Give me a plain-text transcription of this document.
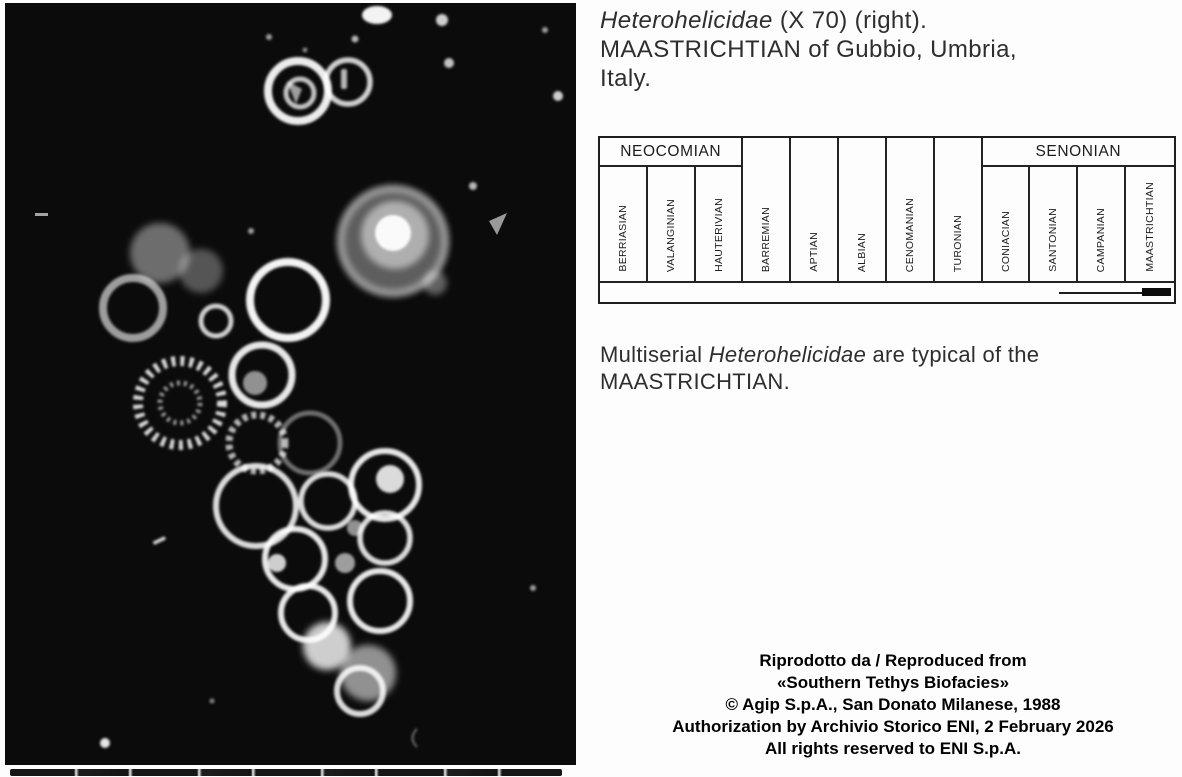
Heterohelicidae (X 70) (right).
MAASTRICHTIAN of Gubbio, Umbria,
Italy.
NEOCOMIAN	SENONIAN
BERRIASIAN	VALANGINIAN	HAUTERIVIAN	BARREMIAN	APTIAN	ALBIAN	CENOMANIAN	TURONIAN	CONIACIAN	SANTONIAN	CAMPANIAN	MAASTRICHTIAN
Multiserial Heterohelicidae are typical of the
MAASTRICHTIAN.
Riprodotto da / Reproduced from
«Southern Tethys Biofacies»
© Agip S.p.A., San Donato Milanese, 1988
Authorization by Archivio Storico ENI, 2 February 2026
All rights reserved to ENI S.p.A.
